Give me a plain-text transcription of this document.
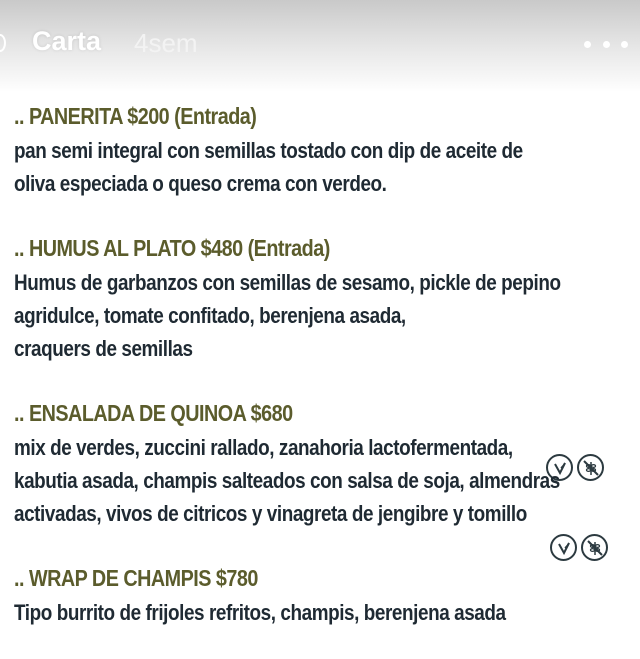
Carta 4sem
.. PANERITA $200 (Entrada)
pan semi integral con semillas tostado con dip de aceite de
oliva especiada o queso crema con verdeo.
.. HUMUS AL PLATO $480 (Entrada)
Humus de garbanzos con semillas de sesamo, pickle de pepino
agridulce, tomate confitado, berenjena asada,
craquers de semillas
.. ENSALADA DE QUINOA $680
mix de verdes, zuccini rallado, zanahoria lactofermentada,
kabutia asada, champis salteados con salsa de soja, almendras
activadas, vivos de citricos y vinagreta de jengibre y tomillo
.. WRAP DE CHAMPIS $780
Tipo burrito de frijoles refritos, champis, berenjena asada
